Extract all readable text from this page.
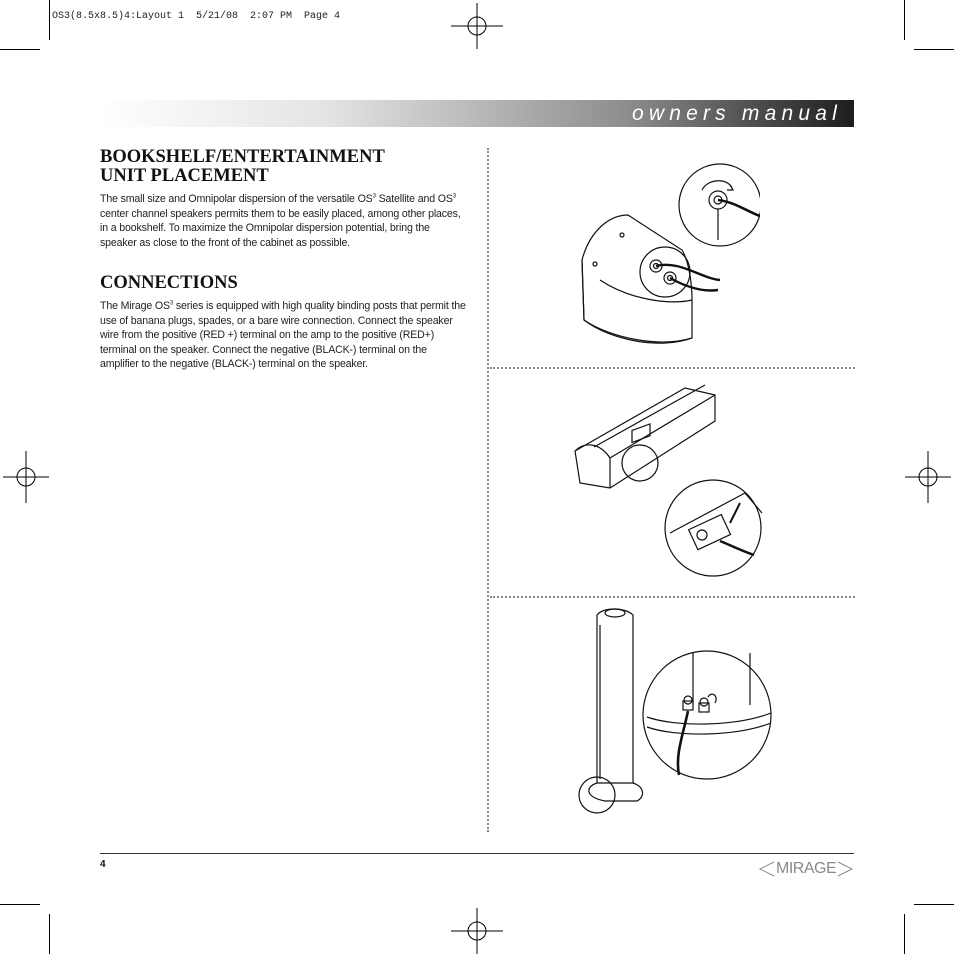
OS3(8.5x8.5)4:Layout 1  5/21/08  2:07 PM  Page 4
owners manual
BOOKSHELF/ENTERTAINMENT
UNIT PLACEMENT

The small size and Omnipolar dispersion of the versatile $OS^3$ Satellite and $OS^3$ center channel speakers permits them to be easily placed, among other places, in a bookshelf. To maximize the Omnipolar dispersion potential, bring the speaker as close to the front of the cabinet as possible.

CONNECTIONS

The Mirage $OS^3$ series is equipped with high quality binding posts that permit the use of banana plugs, spades, or a bare wire connection. Connect the speaker wire from the positive (RED +) terminal on the amp to the positive (RED+) terminal on the speaker. Connect the negative (BLACK-) terminal on the amplifier to the negative (BLACK-) terminal on the speaker.

4	MIRAGE
